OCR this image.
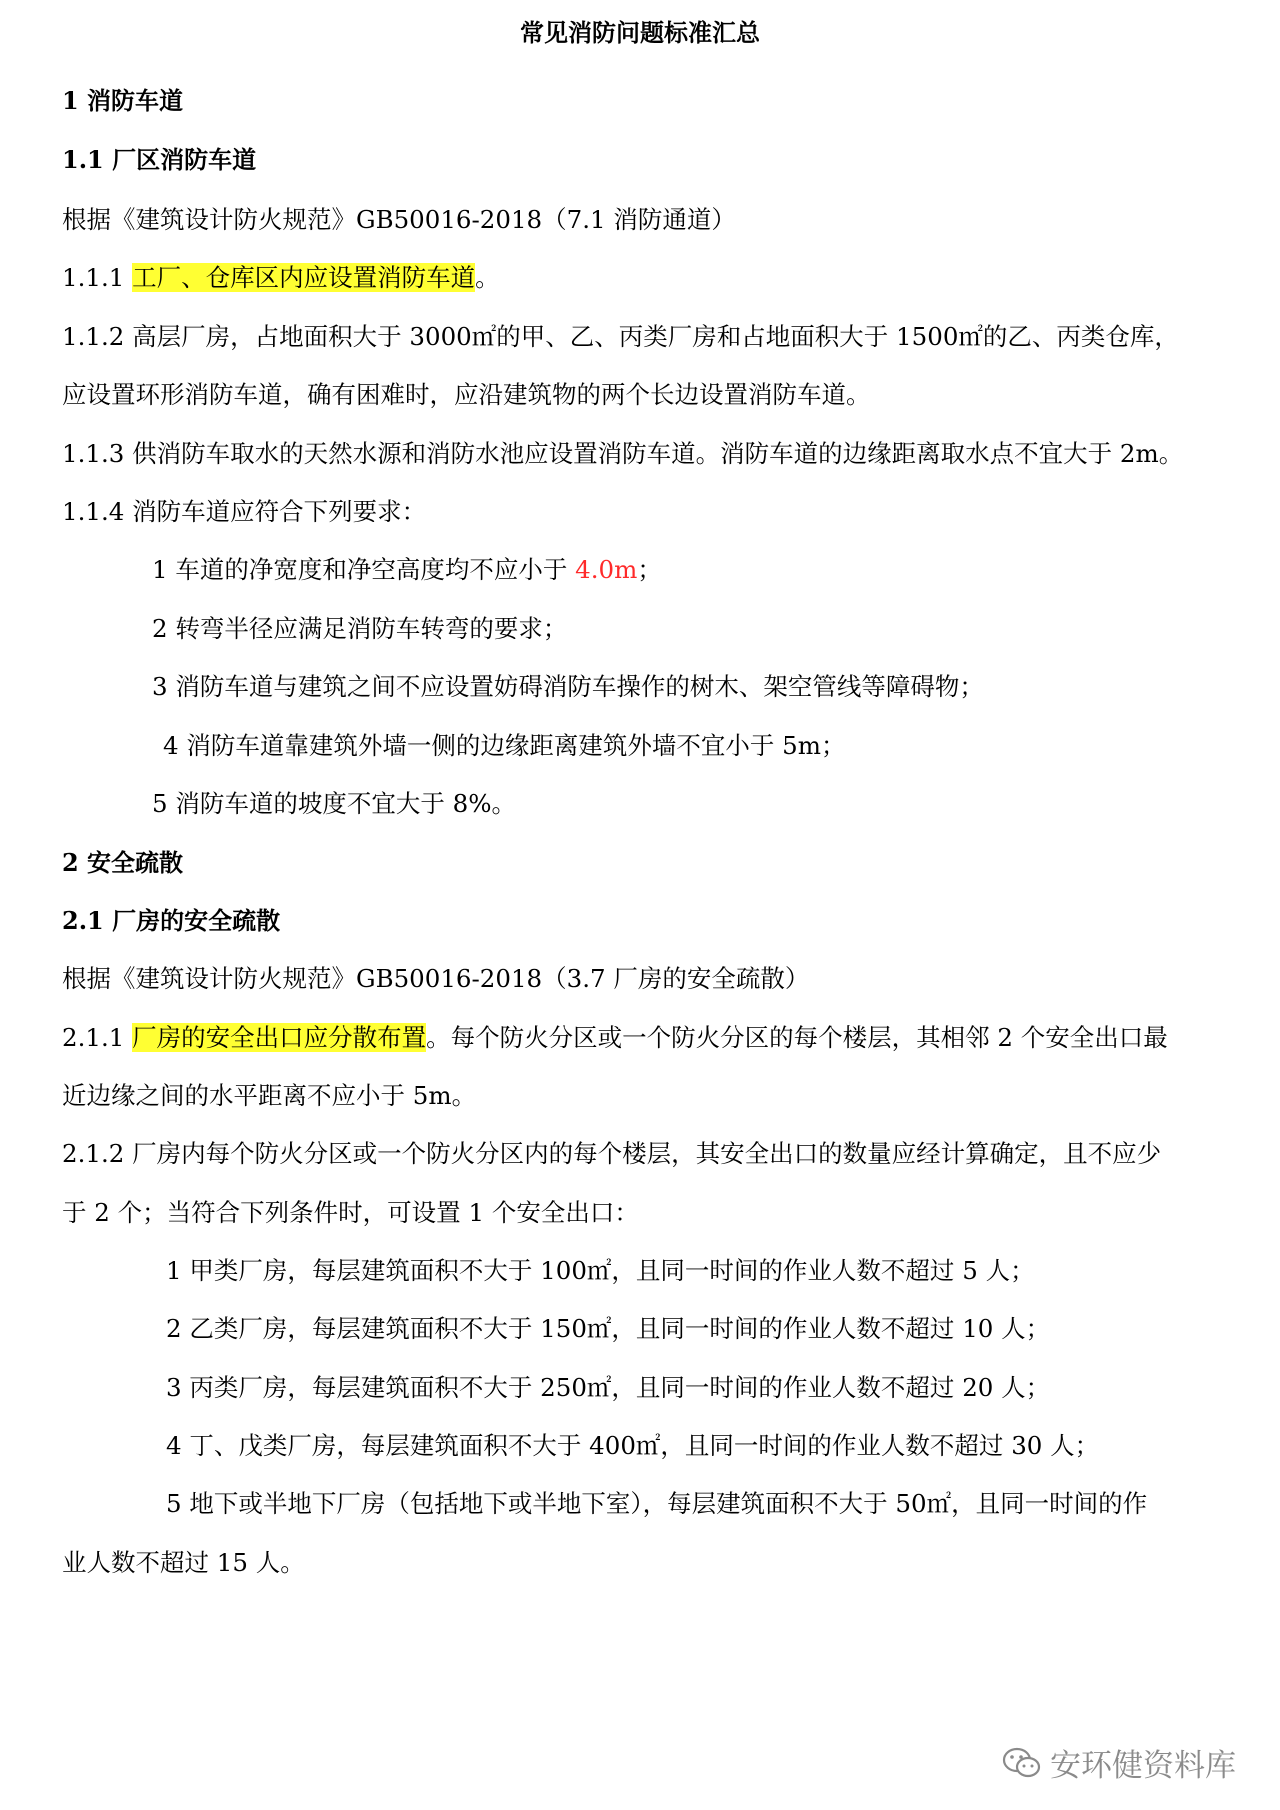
常见消防问题标准汇总
1 消防车道
1.1 厂区消防车道
根据《建筑设计防火规范》GB50016-2018（7.1 消防通道）
1.1.1 工厂、仓库区内应设置消防车道。
1.1.2 高层厂房，占地面积大于 3000㎡的甲、乙、丙类厂房和占地面积大于 1500㎡的乙、丙类仓库，
应设置环形消防车道，确有困难时，应沿建筑物的两个长边设置消防车道。
1.1.3 供消防车取水的天然水源和消防水池应设置消防车道。消防车道的边缘距离取水点不宜大于 2m。
1.1.4 消防车道应符合下列要求：
1 车道的净宽度和净空高度均不应小于 4.0m；
2 转弯半径应满足消防车转弯的要求；
3 消防车道与建筑之间不应设置妨碍消防车操作的树木、架空管线等障碍物；
4 消防车道靠建筑外墙一侧的边缘距离建筑外墙不宜小于 5m；
5 消防车道的坡度不宜大于 8%。
2 安全疏散
2.1 厂房的安全疏散
根据《建筑设计防火规范》GB50016-2018（3.7 厂房的安全疏散）
2.1.1 厂房的安全出口应分散布置。每个防火分区或一个防火分区的每个楼层，其相邻 2 个安全出口最
近边缘之间的水平距离不应小于 5m。
2.1.2 厂房内每个防火分区或一个防火分区内的每个楼层，其安全出口的数量应经计算确定，且不应少
于 2 个；当符合下列条件时，可设置 1 个安全出口：
1 甲类厂房，每层建筑面积不大于 100㎡，且同一时间的作业人数不超过 5 人；
2 乙类厂房，每层建筑面积不大于 150㎡，且同一时间的作业人数不超过 10 人；
3 丙类厂房，每层建筑面积不大于 250㎡，且同一时间的作业人数不超过 20 人；
4 丁、戊类厂房，每层建筑面积不大于 400㎡，且同一时间的作业人数不超过 30 人；
5 地下或半地下厂房（包括地下或半地下室），每层建筑面积不大于 50㎡，且同一时间的作
业人数不超过 15 人。
安环健资料库
